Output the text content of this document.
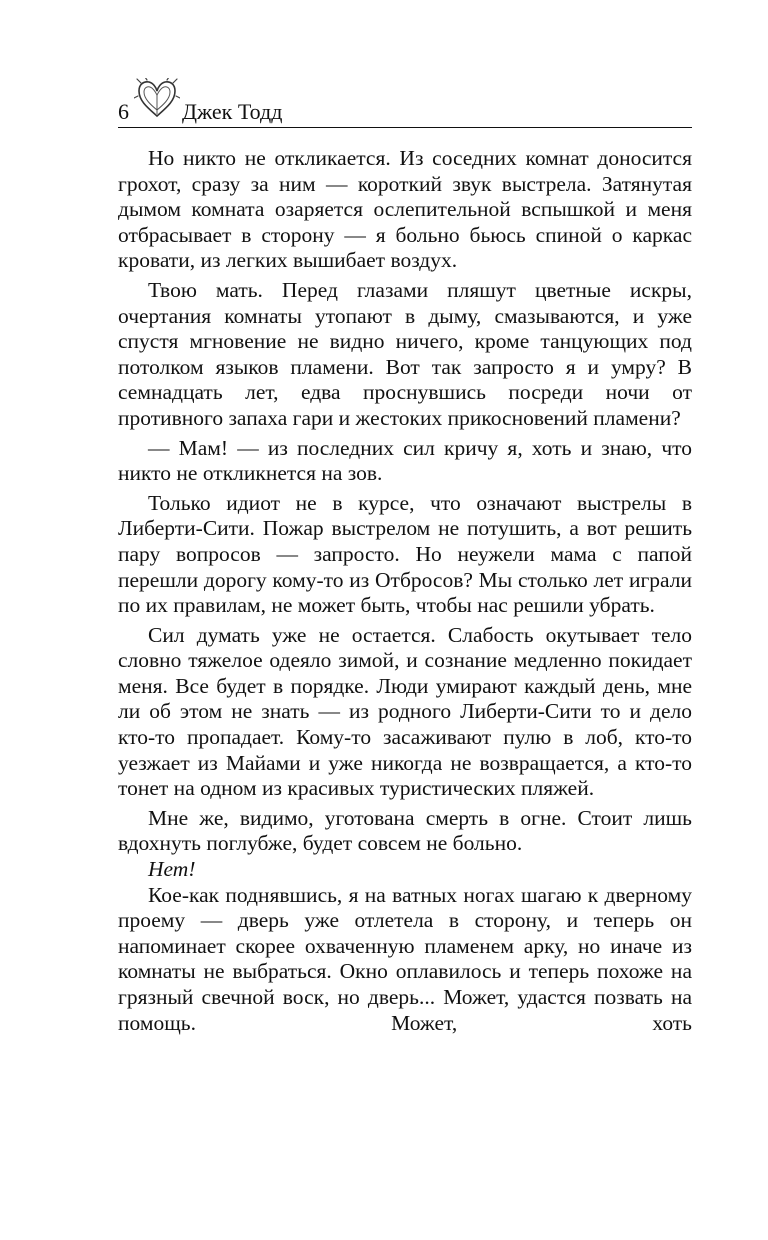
6 Джек Тодд

Но никто не откликается. Из соседних комнат доносится грохот, сразу за ним — короткий звук выстрела. Затянутая дымом комната озаряется ослепительной вспышкой и меня отбрасывает в сторону — я больно бьюсь спиной о каркас кровати, из легких вышибает воздух.

Твою мать. Перед глазами пляшут цветные искры, очертания комнаты утопают в дыму, смазываются, и уже спустя мгновение не видно ничего, кроме танцующих под потолком языков пламени. Вот так запросто я и умру? В семнадцать лет, едва проснувшись посреди ночи от противного запаха гари и жестоких прикосновений пламени?

— Мам! — из последних сил кричу я, хоть и знаю, что никто не откликнется на зов.

Только идиот не в курсе, что означают выстрелы в Либерти-Сити. Пожар выстрелом не потушить, а вот решить пару вопросов — запросто. Но неужели мама с папой перешли дорогу кому-то из Отбросов? Мы столько лет играли по их правилам, не может быть, чтобы нас решили убрать.

Сил думать уже не остается. Слабость окутывает тело словно тяжелое одеяло зимой, и сознание медленно покидает меня. Все будет в порядке. Люди умирают каждый день, мне ли об этом не знать — из родного Либерти-Сити то и дело кто-то пропадает. Кому-то засаживают пулю в лоб, кто-то уезжает из Майами и уже никогда не возвращается, а кто-то тонет на одном из красивых туристических пляжей.

Мне же, видимо, уготована смерть в огне. Стоит лишь вдохнуть поглубже, будет совсем не больно.

Нет!

Кое-как поднявшись, я на ватных ногах шагаю к дверному проему — дверь уже отлетела в сторону, и теперь он напоминает скорее охваченную пламенем арку, но иначе из комнаты не выбраться. Окно оплавилось и теперь похоже на грязный свечной воск, но дверь... Может, удастся позвать на помощь. Может, хоть
